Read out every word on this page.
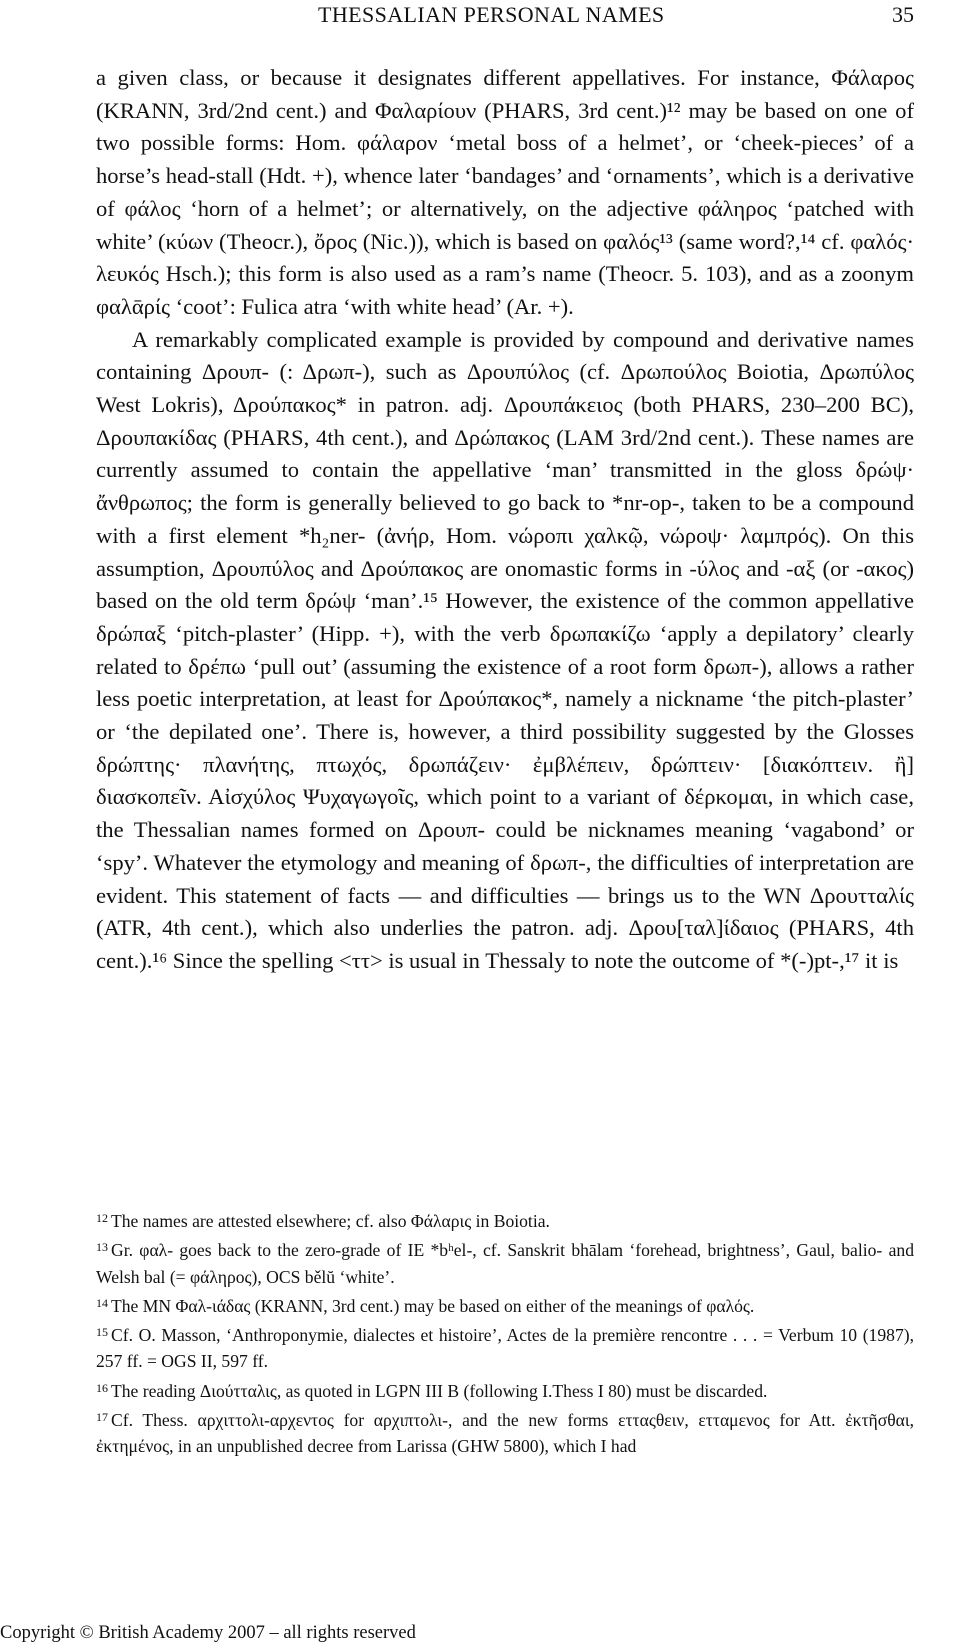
THESSALIAN PERSONAL NAMES	35

a given class, or because it designates different appellatives. For instance, Φάλαρος (KRANN, 3rd/2nd cent.) and Φαλαρίουν (PHARS, 3rd cent.)¹² may be based on one of two possible forms: Hom. φάλαρον ‘metal boss of a helmet’, or ‘cheek-pieces’ of a horse’s head-stall (Hdt. +), whence later ‘bandages’ and ‘ornaments’, which is a derivative of φάλος ‘horn of a helmet’; or alternatively, on the adjective φάληρος ‘patched with white’ (κύων (Theocr.), ὄρος (Nic.)), which is based on φαλός¹³ (same word?,¹⁴ cf. φαλός· λευκός Hsch.); this form is also used as a ram’s name (Theocr. 5. 103), and as a zoonym φαλᾱρίς ‘coot’: Fulica atra ‘with white head’ (Ar. +).

A remarkably complicated example is provided by compound and derivative names containing Δρουπ- (: Δρωπ-), such as Δρουπύλος (cf. Δρωπούλος Boiotia, Δρωπύλος West Lokris), Δρούπακος* in patron. adj. Δρουπάκειος (both PHARS, 230–200 BC), Δρουπακίδας (PHARS, 4th cent.), and Δρώπακος (LAM 3rd/2nd cent.). These names are currently assumed to contain the appellative ‘man’ transmitted in the gloss δρώψ· ἄνθρωπος; the form is generally believed to go back to *nr-op-, taken to be a compound with a first element *h₂ner- (ἀνήρ, Hom. νώροπι χαλκῷ, νώροψ· λαμπρός). On this assumption, Δρουπύλος and Δρούπακος are onomastic forms in -ύλος and -αξ (or -ακος) based on the old term δρώψ ‘man’.¹⁵ However, the existence of the common appellative δρώπαξ ‘pitch-plaster’ (Hipp. +), with the verb δρωπακίζω ‘apply a depilatory’ clearly related to δρέπω ‘pull out’ (assuming the existence of a root form δρωπ-), allows a rather less poetic interpretation, at least for Δρούπακος*, namely a nickname ‘the pitch-plaster’ or ‘the depilated one’. There is, however, a third possibility suggested by the Glosses δρώπτης· πλανήτης, πτωχός, δρωπάζειν· ἐμβλέπειν, δρώπτειν· [διακόπτειν. ἢ] διασκοπεῖν. Αἰσχύλος Ψυχαγωγοῖς, which point to a variant of δέρκομαι, in which case, the Thessalian names formed on Δρουπ- could be nicknames meaning ‘vagabond’ or ‘spy’. Whatever the etymology and meaning of δρωπ-, the difficulties of interpretation are evident. This statement of facts — and difficulties — brings us to the WN Δρουτταλίς (ATR, 4th cent.), which also underlies the patron. adj. Δρου[ταλ]ίδαιος (PHARS, 4th cent.).¹⁶ Since the spelling <ττ> is usual in Thessaly to note the outcome of *(-)pt-,¹⁷ it is

$^{12}$ The names are attested elsewhere; cf. also Φάλαρις in Boiotia.

$^{13}$ Gr. φαλ- goes back to the zero-grade of IE *bʰel-, cf. Sanskrit bhālam ‘forehead, brightness’, Gaul, balio- and Welsh bal (= φάληρος), OCS bělŭ ‘white’.

$^{14}$ The MN Φαλ-ιάδας (KRANN, 3rd cent.) may be based on either of the meanings of φαλός.

$^{15}$ Cf. O. Masson, ‘Anthroponymie, dialectes et histoire’, Actes de la première rencontre . . . = Verbum 10 (1987), 257 ff. = OGS II, 597 ff.

$^{16}$ The reading Διούτταλις, as quoted in LGPN III B (following I.Thess I 80) must be discarded.

$^{17}$ Cf. Thess. αρχιττολι-αρχεντος for αρχιπτολι-, and the new forms ετταςθειν, ετταμενος for Att. ἐκτῆσθαι, ἐκτημένος, in an unpublished decree from Larissa (GHW 5800), which I had

Copyright © British Academy 2007 – all rights reserved
